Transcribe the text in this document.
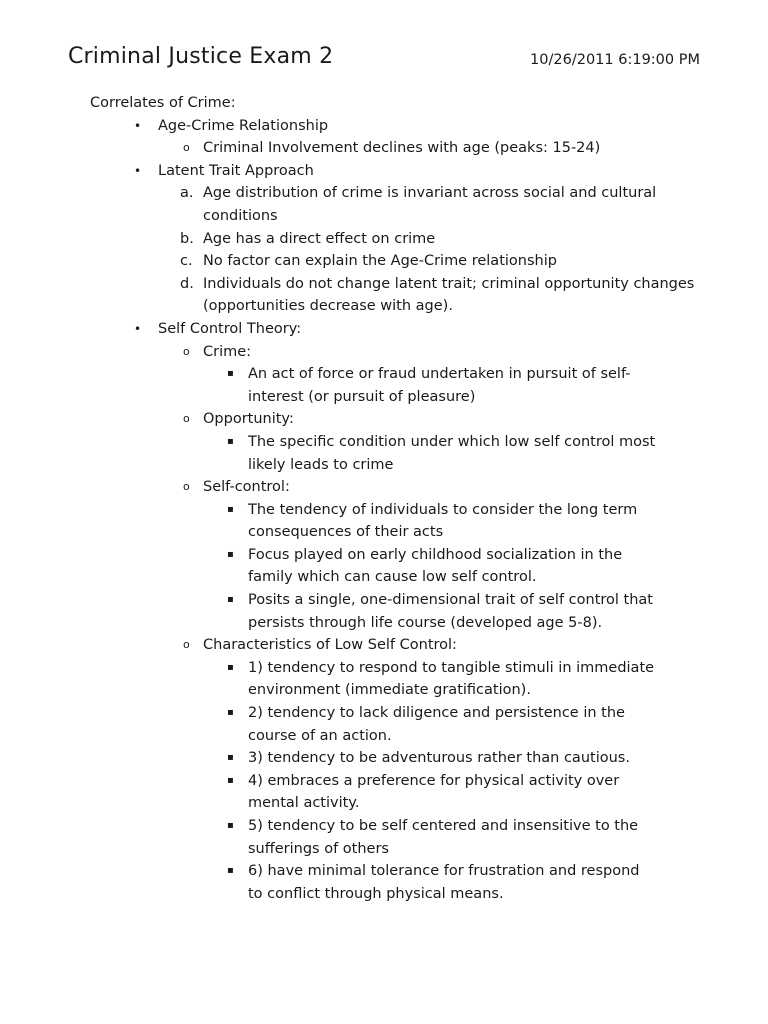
Criminal Justice Exam 2	10/26/2011 6:19:00 PM

Correlates of Crime:

• Age-Crime Relationship
o Criminal Involvement declines with age (peaks: 15-24)
• Latent Trait Approach
a. Age distribution of crime is invariant across social and cultural conditions
b. Age has a direct effect on crime
c. No factor can explain the Age-Crime relationship
d. Individuals do not change latent trait; criminal opportunity changes (opportunities decrease with age).
• Self Control Theory:
o Crime:
▪ An act of force or fraud undertaken in pursuit of self-interest (or pursuit of pleasure)
o Opportunity:
▪ The specific condition under which low self control most likely leads to crime
o Self-control:
▪ The tendency of individuals to consider the long term consequences of their acts
▪ Focus played on early childhood socialization in the family which can cause low self control.
▪ Posits a single, one-dimensional trait of self control that persists through life course (developed age 5-8).
o Characteristics of Low Self Control:
▪ 1) tendency to respond to tangible stimuli in immediate environment (immediate gratification).
▪ 2) tendency to lack diligence and persistence in the course of an action.
▪ 3) tendency to be adventurous rather than cautious.
▪ 4) embraces a preference for physical activity over mental activity.
▪ 5) tendency to be self centered and insensitive to the sufferings of others
▪ 6) have minimal tolerance for frustration and respond to conflict through physical means.
